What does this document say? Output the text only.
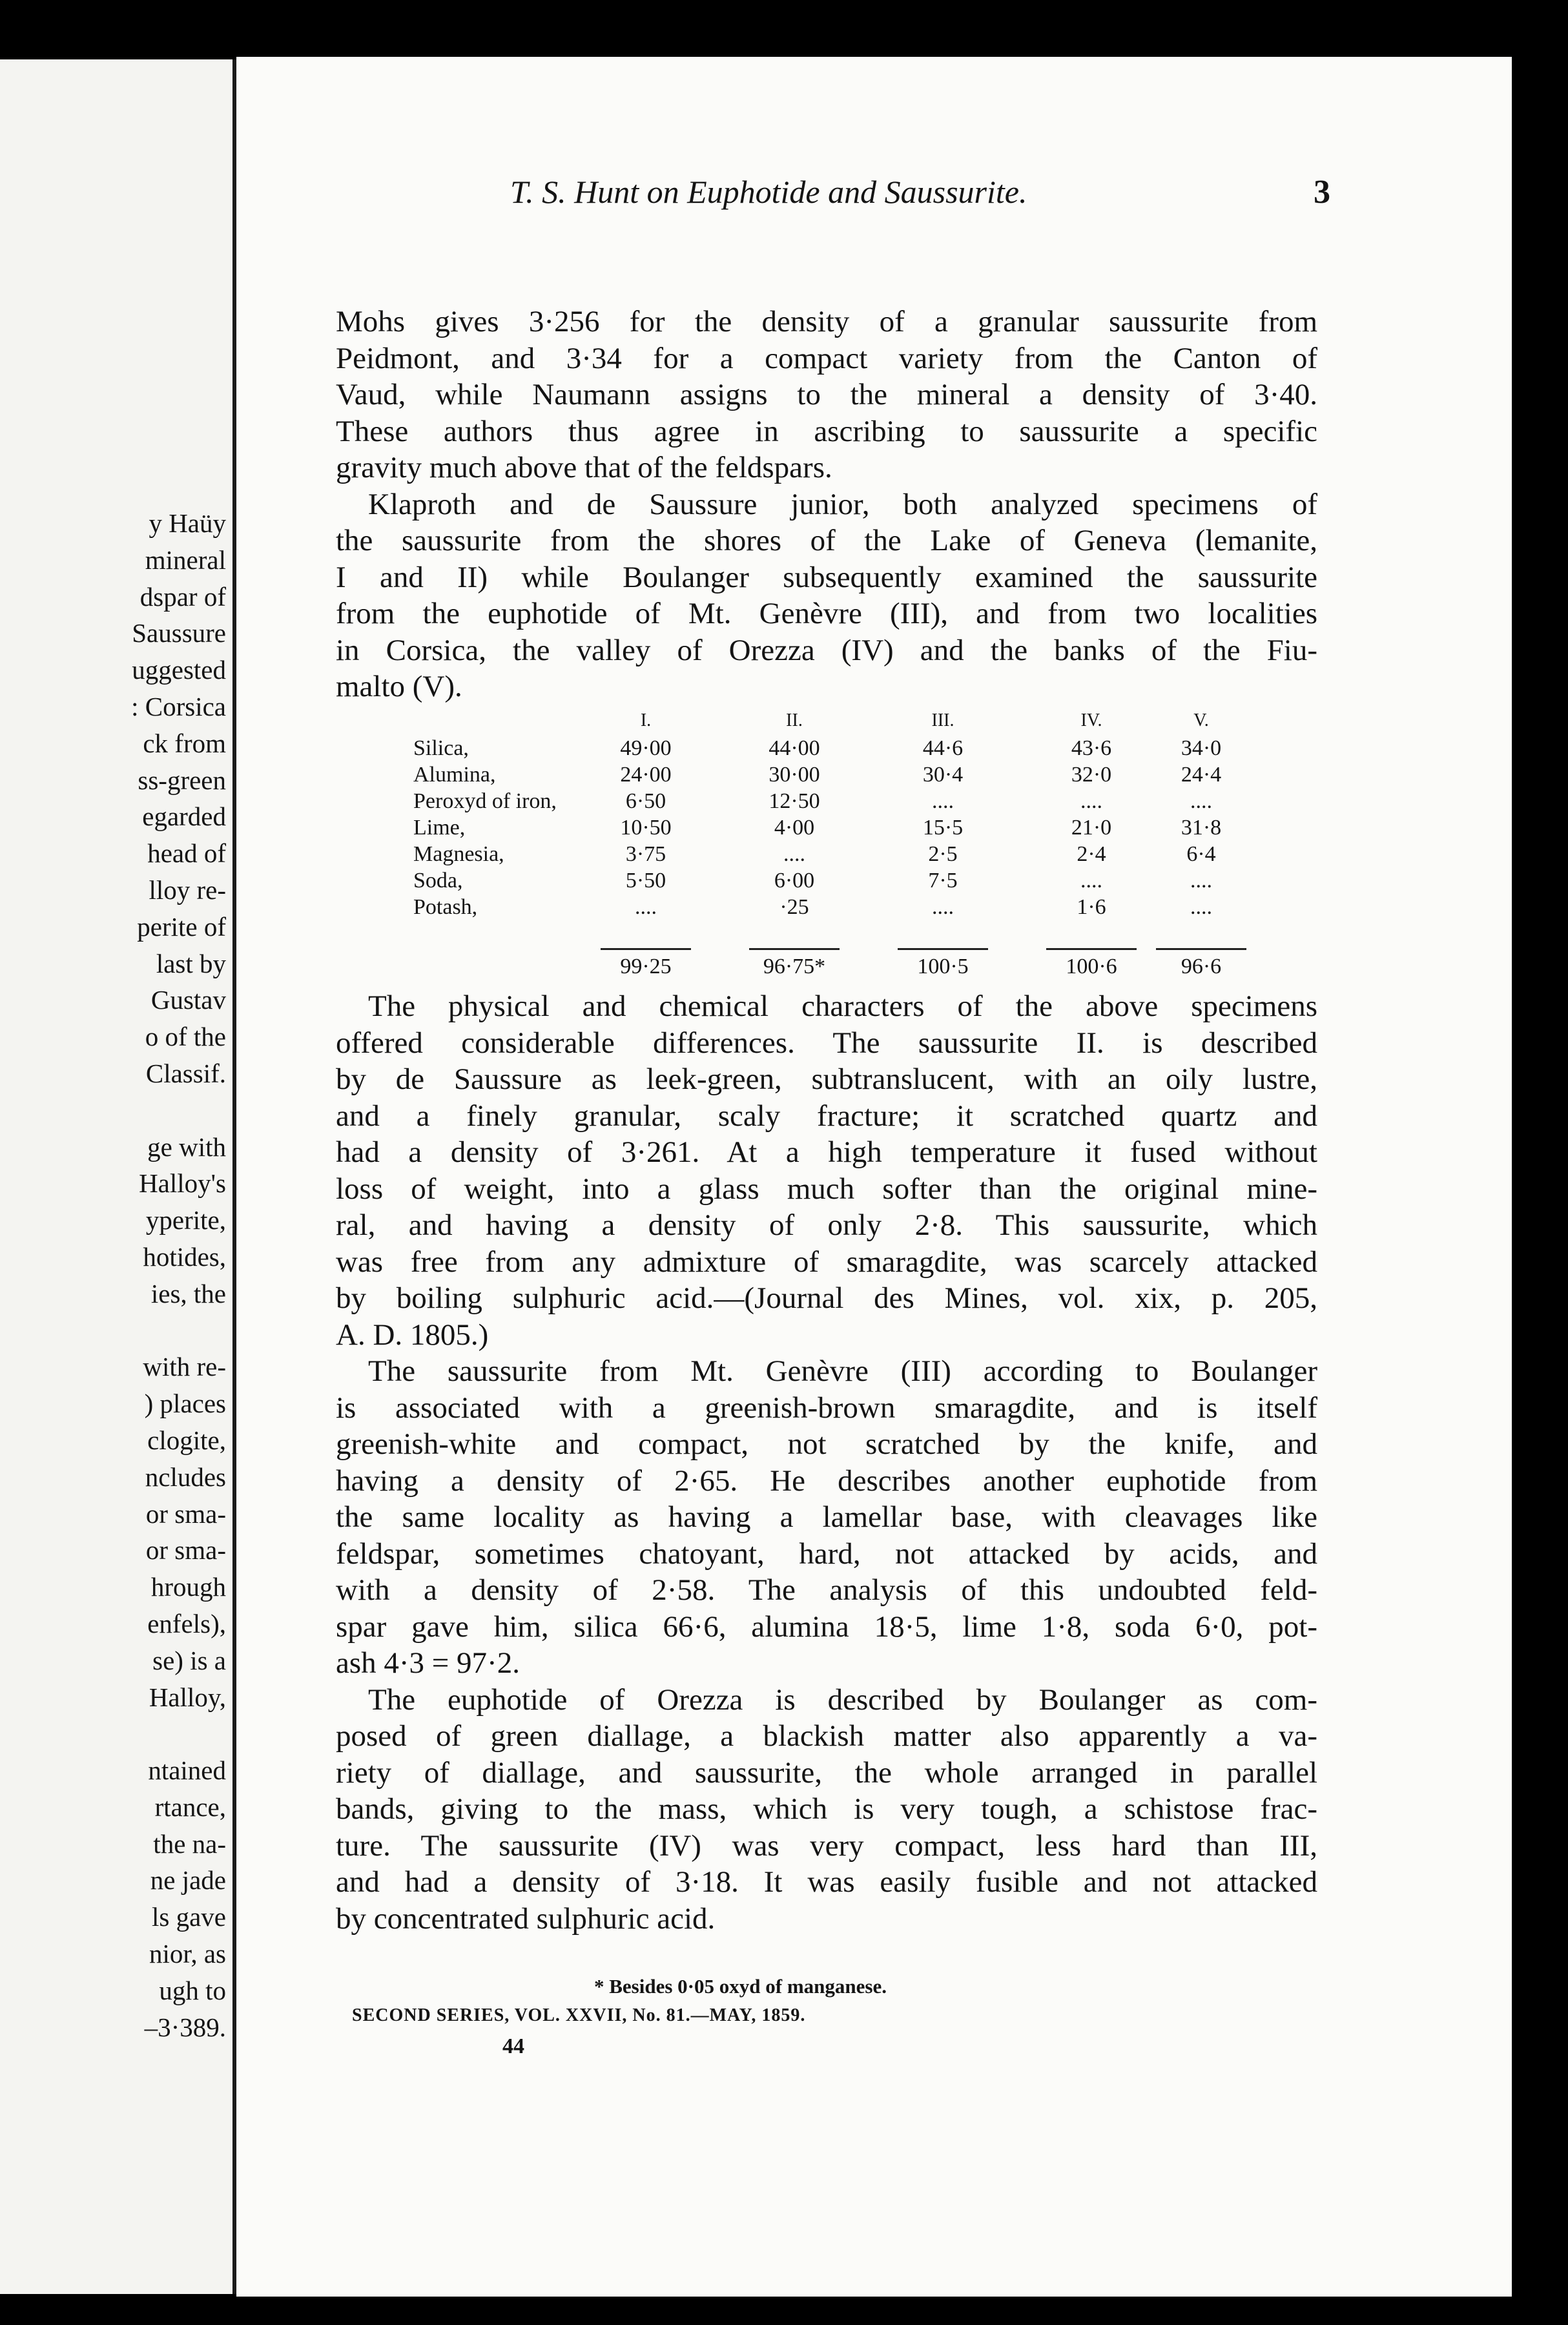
y Haüy
mineral
dspar of
Saussure
uggested
: Corsica
ck from
ss-green
egarded
head of
lloy re-
perite of
last by
Gustav
o of the
Classif.

ge with
Halloy's
yperite,
hotides,
ies, the

with re-
) places
clogite,
ncludes
or sma-
or sma-
hrough
enfels),
se) is a
Halloy,

ntained
rtance,
the na-
ne jade
ls gave
nior, as
ugh to
–3·389.
T. S. Hunt on Euphotide and Saussurite.	3
Mohs gives 3·256 for the density of a granular saussurite from
Peidmont, and 3·34 for a compact variety from the Canton of
Vaud, while Naumann assigns to the mineral a density of 3·40.
These authors thus agree in ascribing to saussurite a specific
gravity much above that of the feldspars.
Klaproth and de Saussure junior, both analyzed specimens of
the saussurite from the shores of the Lake of Geneva (lemanite,
I and II) while Boulanger subsequently examined the saussurite
from the euphotide of Mt. Genèvre (III), and from two localities
in Corsica, the valley of Orezza (IV) and the banks of the Fiu-
malto (V).
I.	II.	III.	IV.	V.
Silica,	49·00	44·00	44·6	43·6	34·0
Alumina,	24·00	30·00	30·4	32·0	24·4
Peroxyd of iron,	6·50	12·50	....	....	....
Lime,	10·50	4·00	15·5	21·0	31·8
Magnesia,	3·75	....	2·5	2·4	6·4
Soda,	5·50	6·00	7·5	....	....
Potash,	....	·25	....	1·6	....
99·25	96·75*	100·5	100·6	96·6
The physical and chemical characters of the above specimens
offered considerable differences. The saussurite II. is described
by de Saussure as leek-green, subtranslucent, with an oily lustre,
and a finely granular, scaly fracture; it scratched quartz and
had a density of 3·261. At a high temperature it fused without
loss of weight, into a glass much softer than the original mine-
ral, and having a density of only 2·8. This saussurite, which
was free from any admixture of smaragdite, was scarcely attacked
by boiling sulphuric acid.—(Journal des Mines, vol. xix, p. 205,
A. D. 1805.)
The saussurite from Mt. Genèvre (III) according to Boulanger
is associated with a greenish-brown smaragdite, and is itself
greenish-white and compact, not scratched by the knife, and
having a density of 2·65. He describes another euphotide from
the same locality as having a lamellar base, with cleavages like
feldspar, sometimes chatoyant, hard, not attacked by acids, and
with a density of 2·58. The analysis of this undoubted feld-
spar gave him, silica 66·6, alumina 18·5, lime 1·8, soda 6·0, pot-
ash 4·3 = 97·2.
The euphotide of Orezza is described by Boulanger as com-
posed of green diallage, a blackish matter also apparently a va-
riety of diallage, and saussurite, the whole arranged in parallel
bands, giving to the mass, which is very tough, a schistose frac-
ture. The saussurite (IV) was very compact, less hard than III,
and had a density of 3·18. It was easily fusible and not attacked
by concentrated sulphuric acid.
* Besides 0·05 oxyd of manganese.
SECOND SERIES, VOL. XXVII, No. 81.—MAY, 1859.
44
